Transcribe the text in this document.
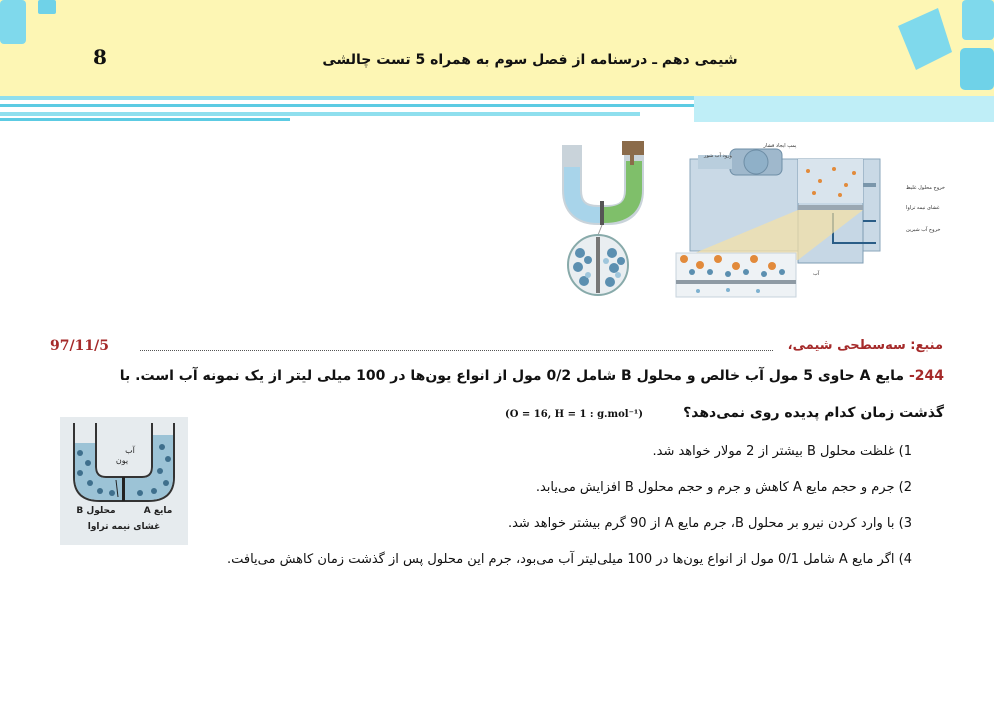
8	شیمی دهم ـ درسنامه از فصل سوم به همراه 5 تست چالشی
پمپ ایجاد فشار
ورود آب شور
خروج محلول غلیظ
غشای نیمه تراوا
خروج آب شیرین
آب
منبع: سه‌سطحی شیمی،
97/11/5
244- مایع A حاوی 5 مول آب خالص و محلول B شامل 0/2 مول از انواع یون‌ها در 100 میلی لیتر از یک نمونه آب است. با
گذشت زمان کدام پدیده روی نمی‌دهد؟
(O = 16, H = 1 : g.mol⁻¹)
1) غلظت محلول B بیشتر از 2 مولار خواهد شد.
2) جرم و حجم مایع A کاهش و جرم و حجم محلول B افزایش می‌یابد.
3) با وارد کردن نیرو بر محلول B، جرم مایع A از 90 گرم بیشتر خواهد شد.
4) اگر مایع A شامل 0/1 مول از انواع یون‌ها در 100 میلی‌لیتر آب می‌بود، جرم این محلول پس از گذشت زمان کاهش می‌یافت.
آب
یون
B محلول	A مایع
غشای نیمه تراوا
